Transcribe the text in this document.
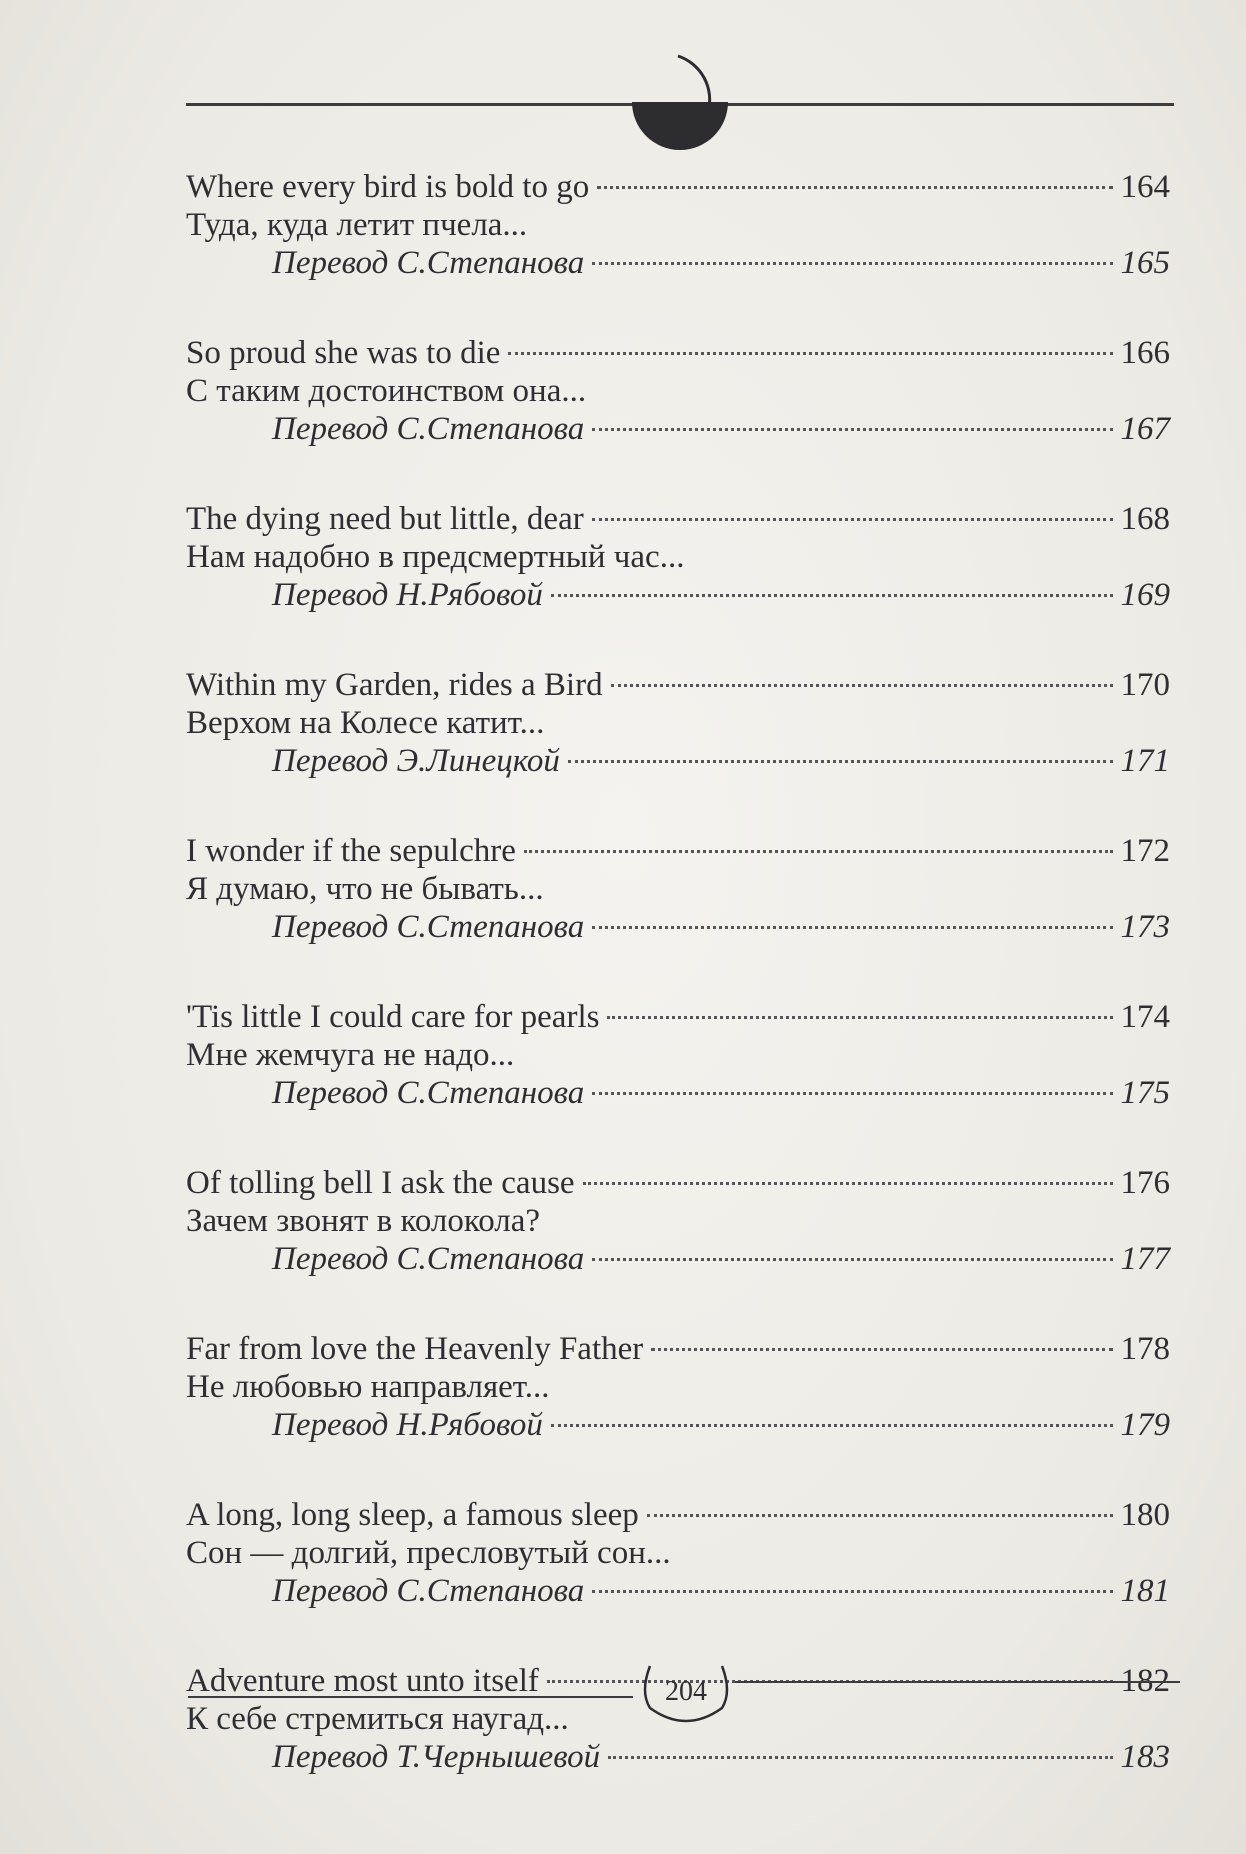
Where every bird is bold to go	164
Туда, куда летит пчела...
Перевод С.Степанова	165
So proud she was to die	166
С таким достоинством она...
Перевод С.Степанова	167
The dying need but little, dear	168
Нам надобно в предсмертный час...
Перевод Н.Рябовой	169
Within my Garden, rides a Bird	170
Верхом на Колесе катит...
Перевод Э.Линецкой	171
I wonder if the sepulchre	172
Я думаю, что не бывать...
Перевод С.Степанова	173
'Tis little I could care for pearls	174
Мне жемчуга не надо...
Перевод С.Степанова	175
Of tolling bell I ask the cause	176
Зачем звонят в колокола?
Перевод С.Степанова	177
Far from love the Heavenly Father	178
Не любовью направляет...
Перевод Н.Рябовой	179
A long, long sleep, a famous sleep	180
Сон — долгий, пресловутый сон...
Перевод С.Степанова	181
Adventure most unto itself	182
К себе стремиться наугад...
Перевод Т.Чернышевой	183
204
